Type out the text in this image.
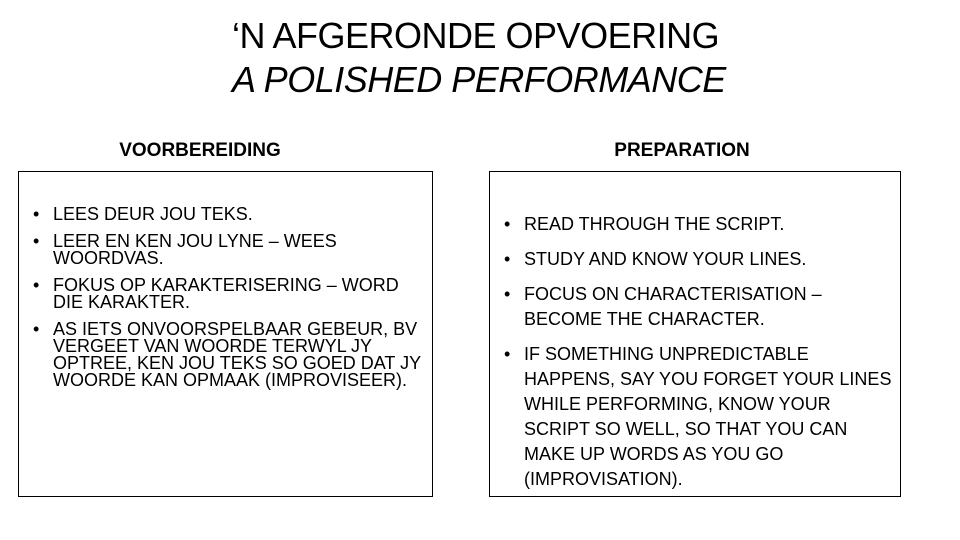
‘N AFGERONDE OPVOERING
A POLISHED PERFORMANCE
VOORBEREIDING	PREPARATION
• LEES DEUR JOU TEKS.
• LEER EN KEN JOU LYNE – WEES WOORDVAS.
• FOKUS OP KARAKTERISERING – WORD DIE KARAKTER.
• AS IETS ONVOORSPELBAAR GEBEUR, BV VERGEET VAN WOORDE TERWYL JY OPTREE, KEN JOU TEKS SO GOED DAT JY WOORDE KAN OPMAAK (IMPROVISEER).
• READ THROUGH THE SCRIPT.
• STUDY AND KNOW YOUR LINES.
• FOCUS ON CHARACTERISATION – BECOME THE CHARACTER.
• IF SOMETHING UNPREDICTABLE HAPPENS, SAY YOU FORGET YOUR LINES WHILE PERFORMING, KNOW YOUR SCRIPT SO WELL, SO THAT YOU CAN MAKE UP WORDS AS YOU GO (IMPROVISATION).
